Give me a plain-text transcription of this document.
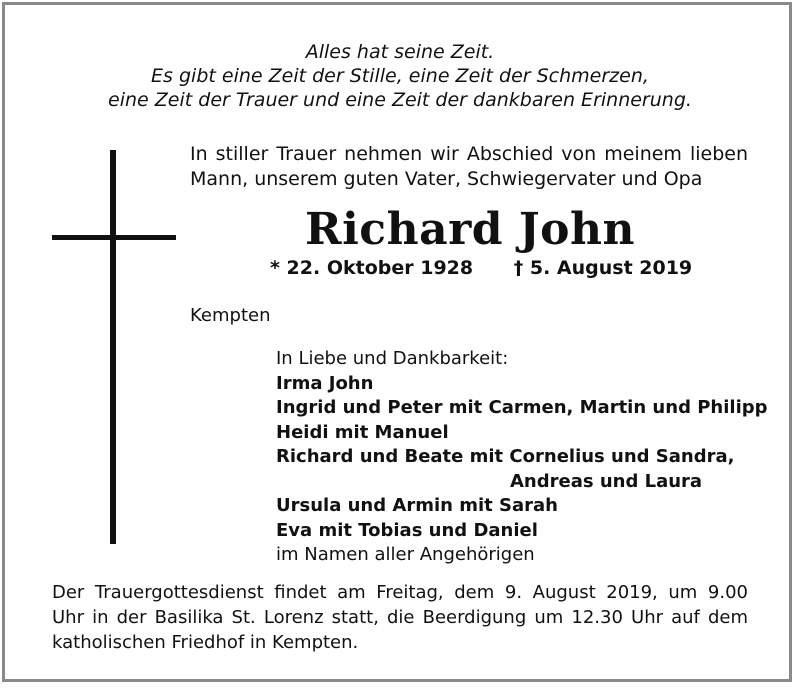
Alles hat seine Zeit.
Es gibt eine Zeit der Stille, eine Zeit der Schmerzen,
eine Zeit der Trauer und eine Zeit der dankbaren Erinnerung.
In stiller Trauer nehmen wir Abschied von meinem lieben
Mann, unserem guten Vater, Schwiegervater und Opa
Richard John
* 22. Oktober 1928 † 5. August 2019
Kempten
In Liebe und Dankbarkeit:
Irma John
Ingrid und Peter mit Carmen, Martin und Philipp
Heidi mit Manuel
Richard und Beate mit Cornelius und Sandra,
Andreas und Laura
Ursula und Armin mit Sarah
Eva mit Tobias und Daniel
im Namen aller Angehörigen
Der Trauergottesdienst findet am Freitag, dem 9. August 2019, um 9.00
Uhr in der Basilika St. Lorenz statt, die Beerdigung um 12.30 Uhr auf dem
katholischen Friedhof in Kempten.
